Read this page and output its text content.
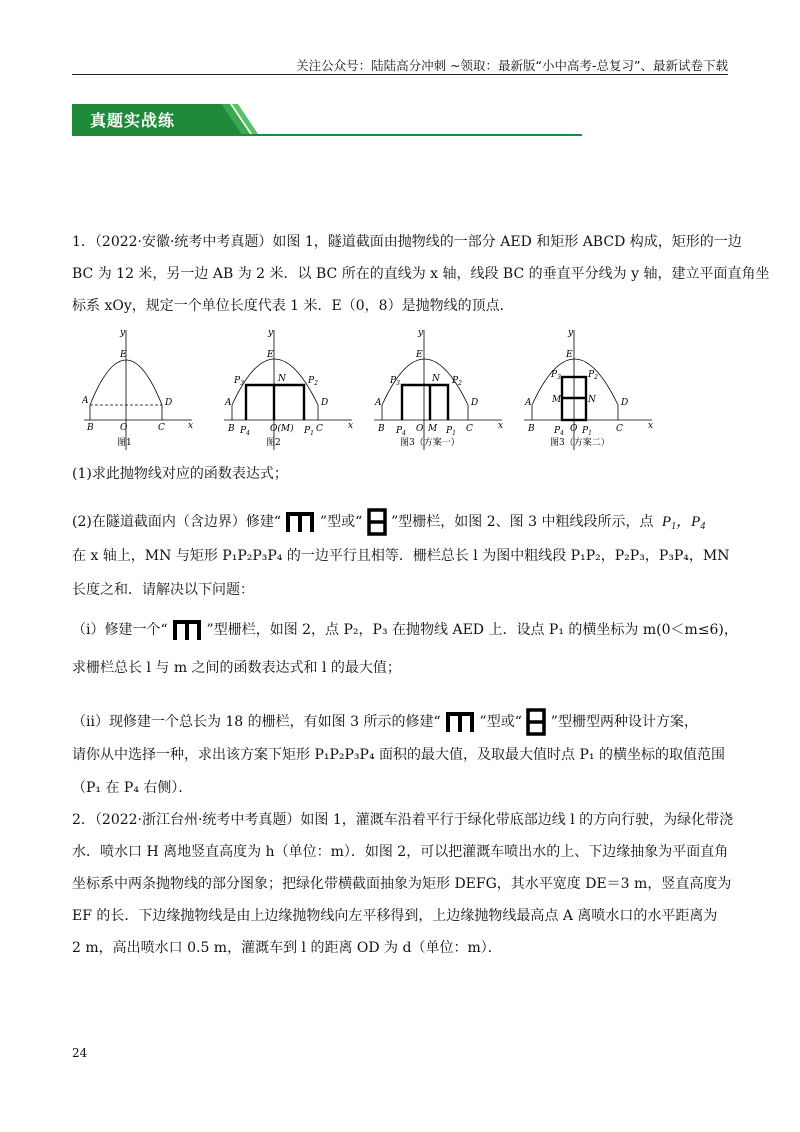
关注公众号：陆陆高分冲刺 ~领取：最新版“小中高考-总复习”、最新试卷下载
真题实战练
1．（2022·安徽·统考中考真题）如图 1，隧道截面由抛物线的一部分 AED 和矩形 ABCD 构成，矩形的一边
BC 为 12 米，另一边 AB 为 2 米．以 BC 所在的直线为 x 轴，线段 BC 的垂直平分线为 y 轴，建立平面直角坐
标系 xOy，规定一个单位长度代表 1 米．E（0，8）是抛物线的顶点．
y
E
A	D
B	O	C	x
图1
y
E
N
$P_3$	$P_2$
A	D
B $P_4$ O(M) $P_1$ C	x
图2
y
E
N
$P_3$	$P_2$
A	D
B $P_4$ O M $P_1$ C	x
图3（方案一）
y
E
$P_3$	$P_2$
M	N
A	D
B $P_4$ O $P_1$	C	x
图3（方案二）
(1)求此抛物线对应的函数表达式；
(2)在隧道截面内（含边界）修建“	”型或“ ”型栅栏，如图 2、图 3 中粗线段所示，点 $P_1$，$P_4$
在 x 轴上，MN 与矩形 P₁P₂P₃P₄ 的一边平行且相等．栅栏总长 l 为图中粗线段 P₁P₂，P₂P₃，P₃P₄，MN
长度之和．请解决以下问题：
（ⅰ）修建一个“	”型栅栏，如图 2，点 P₂，P₃ 在抛物线 AED 上．设点 P₁ 的横坐标为 m(0＜m≤6)，
求栅栏总长 l 与 m 之间的函数表达式和 l 的最大值；
（ⅱ）现修建一个总长为 18 的栅栏，有如图 3 所示的修建“	”型或“ ”型栅型两种设计方案，
请你从中选择一种，求出该方案下矩形 P₁P₂P₃P₄ 面积的最大值，及取最大值时点 P₁ 的横坐标的取值范围
（P₁ 在 P₄ 右侧）．
2．（2022·浙江台州·统考中考真题）如图 1，灌溉车沿着平行于绿化带底部边线 l 的方向行驶，为绿化带浇
水．喷水口 H 离地竖直高度为 h（单位：m）．如图 2，可以把灌溉车喷出水的上、下边缘抽象为平面直角
坐标系中两条抛物线的部分图象；把绿化带横截面抽象为矩形 DEFG，其水平宽度 DE＝3 m，竖直高度为
EF 的长．下边缘抛物线是由上边缘抛物线向左平移得到，上边缘抛物线最高点 A 离喷水口的水平距离为
2 m，高出喷水口 0.5 m，灌溉车到 l 的距离 OD 为 d（单位：m）．
24
